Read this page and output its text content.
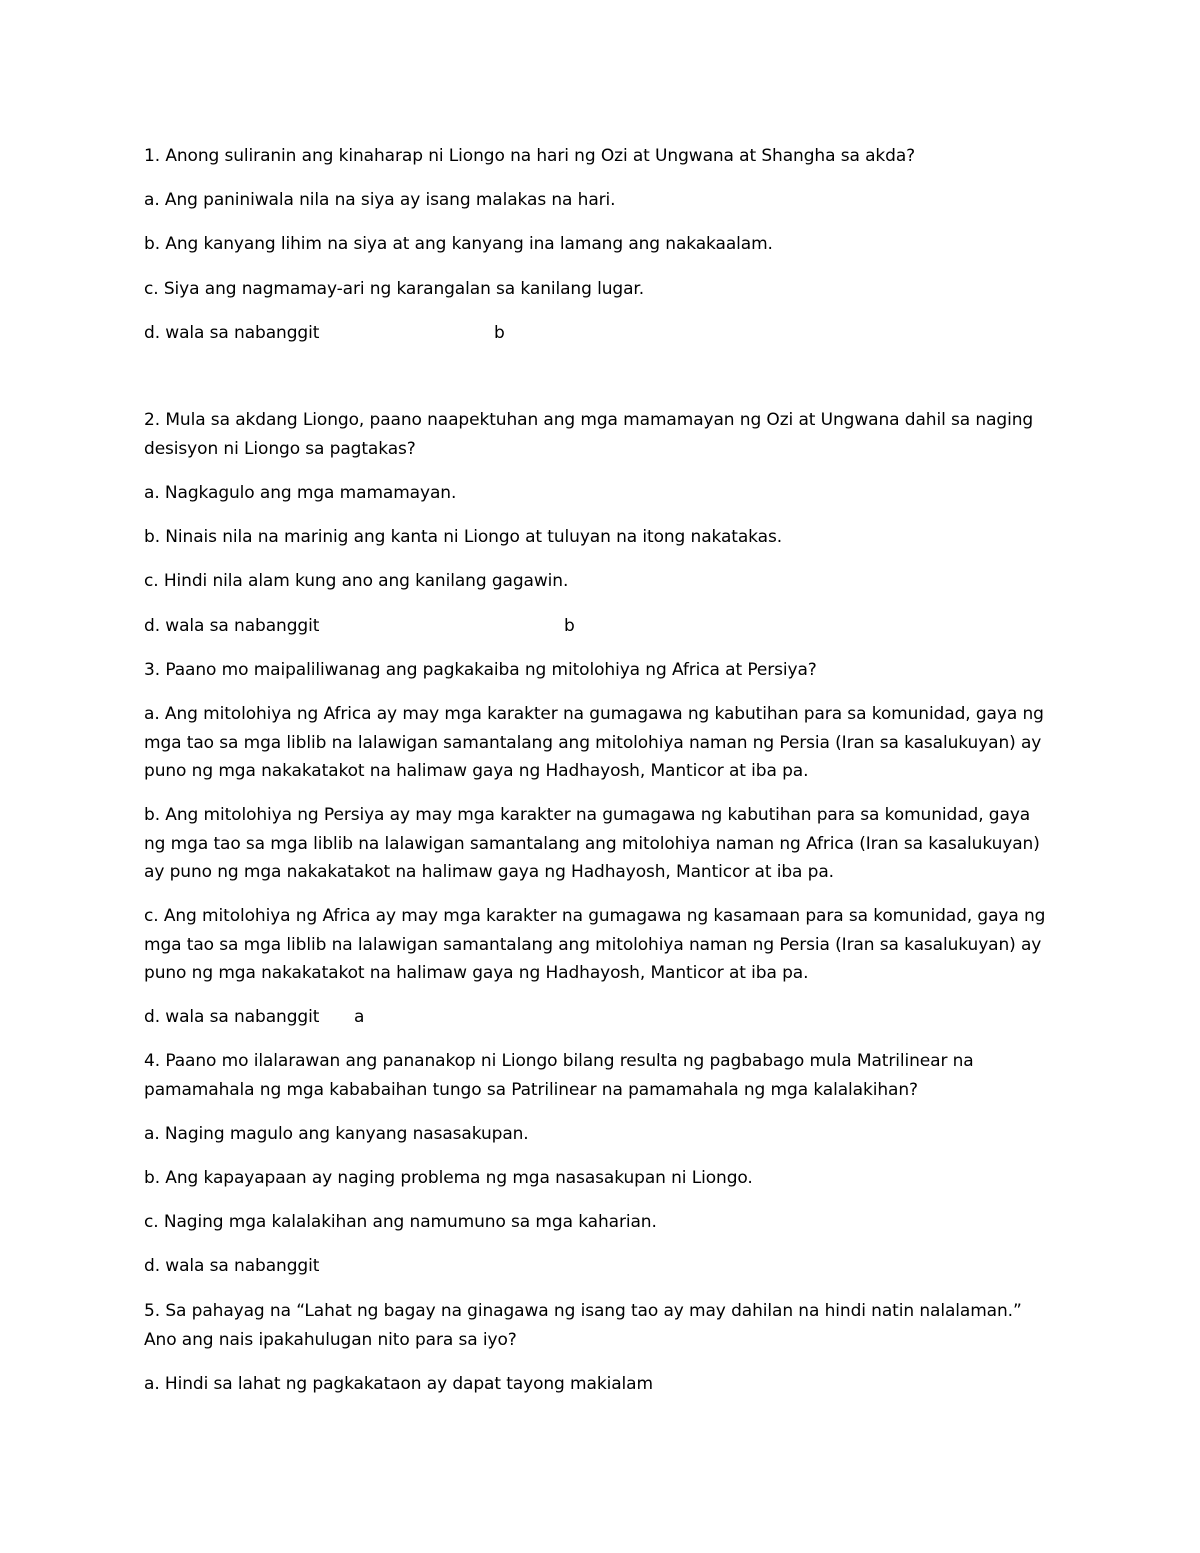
1. Anong suliranin ang kinaharap ni Liongo na hari ng Ozi at Ungwana at Shangha sa akda?
a. Ang paniniwala nila na siya ay isang malakas na hari.
b. Ang kanyang lihim na siya at ang kanyang ina lamang ang nakakaalam.
c. Siya ang nagmamay-ari ng karangalan sa kanilang lugar.
d. wala sa nabanggit	b
2. Mula sa akdang Liongo, paano naapektuhan ang mga mamamayan ng Ozi at Ungwana dahil sa naging
desisyon ni Liongo sa pagtakas?
a. Nagkagulo ang mga mamamayan.
b. Ninais nila na marinig ang kanta ni Liongo at tuluyan na itong nakatakas.
c. Hindi nila alam kung ano ang kanilang gagawin.
d. wala sa nabanggit	b
3. Paano mo maipaliliwanag ang pagkakaiba ng mitolohiya ng Africa at Persiya?
a. Ang mitolohiya ng Africa ay may mga karakter na gumagawa ng kabutihan para sa komunidad, gaya ng
mga tao sa mga liblib na lalawigan samantalang ang mitolohiya naman ng Persia (Iran sa kasalukuyan) ay
puno ng mga nakakatakot na halimaw gaya ng Hadhayosh, Manticor at iba pa.
b. Ang mitolohiya ng Persiya ay may mga karakter na gumagawa ng kabutihan para sa komunidad, gaya
ng mga tao sa mga liblib na lalawigan samantalang ang mitolohiya naman ng Africa (Iran sa kasalukuyan)
ay puno ng mga nakakatakot na halimaw gaya ng Hadhayosh, Manticor at iba pa.
c. Ang mitolohiya ng Africa ay may mga karakter na gumagawa ng kasamaan para sa komunidad, gaya ng
mga tao sa mga liblib na lalawigan samantalang ang mitolohiya naman ng Persia (Iran sa kasalukuyan) ay
puno ng mga nakakatakot na halimaw gaya ng Hadhayosh, Manticor at iba pa.
d. wala sa nabanggit	a
4. Paano mo ilalarawan ang pananakop ni Liongo bilang resulta ng pagbabago mula Matrilinear na
pamamahala ng mga kababaihan tungo sa Patrilinear na pamamahala ng mga kalalakihan?
a. Naging magulo ang kanyang nasasakupan.
b. Ang kapayapaan ay naging problema ng mga nasasakupan ni Liongo.
c. Naging mga kalalakihan ang namumuno sa mga kaharian.
d. wala sa nabanggit
5. Sa pahayag na “Lahat ng bagay na ginagawa ng isang tao ay may dahilan na hindi natin nalalaman.”
Ano ang nais ipakahulugan nito para sa iyo?
a. Hindi sa lahat ng pagkakataon ay dapat tayong makialam
